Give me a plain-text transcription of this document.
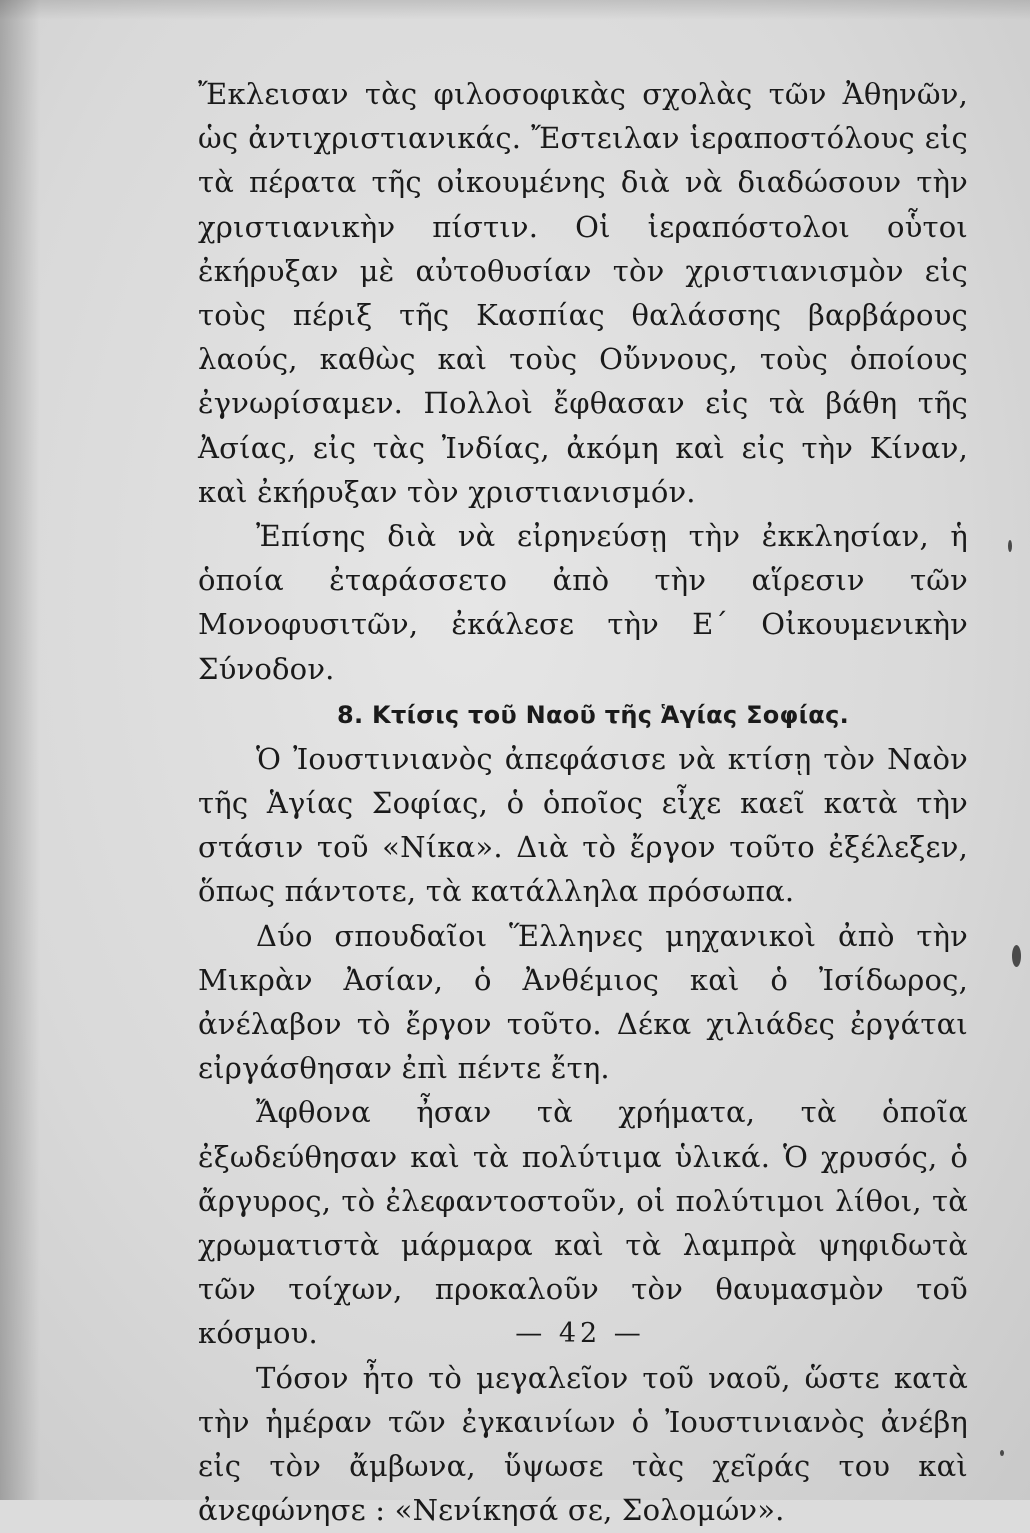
Ἔκλεισαν τὰς φιλοσοφικὰς σχολὰς τῶν Ἀθηνῶν, ὡς ἀντιχριστιανικάς. Ἔστειλαν ἱεραποστόλους εἰς τὰ πέρατα τῆς οἰκουμένης διὰ νὰ διαδώσουν τὴν χριστιανικὴν πίστιν. Οἱ ἱεραπόστολοι οὗτοι ἐκήρυξαν μὲ αὐτοθυσίαν τὸν χριστιανισμὸν εἰς τοὺς πέριξ τῆς Κασπίας θαλάσσης βαρβάρους λαούς, καθὼς καὶ τοὺς Οὔννους, τοὺς ὁποίους ἐγνωρίσαμεν. Πολλοὶ ἔφθασαν εἰς τὰ βάθη τῆς Ἀσίας, εἰς τὰς Ἰνδίας, ἀκόμη καὶ εἰς τὴν Κίναν, καὶ ἐκήρυξαν τὸν χριστιανισμόν.

Ἐπίσης διὰ νὰ εἰρηνεύσῃ τὴν ἐκκλησίαν, ἡ ὁποία ἐταράσσετο ἀπὸ τὴν αἵρεσιν τῶν Μονοφυσιτῶν, ἐκάλεσε τὴν Ε΄ Οἰκουμενικὴν Σύνοδον.

8. Κτίσις τοῦ Ναοῦ τῆς Ἁγίας Σοφίας.

Ὁ Ἰουστινιανὸς ἀπεφάσισε νὰ κτίσῃ τὸν Ναὸν τῆς Ἁγίας Σοφίας, ὁ ὁποῖος εἶχε καεῖ κατὰ τὴν στάσιν τοῦ «Νίκα». Διὰ τὸ ἔργον τοῦτο ἐξέλεξεν, ὅπως πάντοτε, τὰ κατάλληλα πρόσωπα.

Δύο σπουδαῖοι Ἕλληνες μηχανικοὶ ἀπὸ τὴν Μικρὰν Ἀσίαν, ὁ Ἀνθέμιος καὶ ὁ Ἰσίδωρος, ἀνέλαβον τὸ ἔργον τοῦτο. Δέκα χιλιάδες ἐργάται εἰργάσθησαν ἐπὶ πέντε ἔτη.

Ἄφθονα ἦσαν τὰ χρήματα, τὰ ὁποῖα ἐξωδεύθησαν καὶ τὰ πολύτιμα ὑλικά. Ὁ χρυσός, ὁ ἄργυρος, τὸ ἐλεφαντοστοῦν, οἱ πολύτιμοι λίθοι, τὰ χρωματιστὰ μάρμαρα καὶ τὰ λαμπρὰ ψηφιδωτὰ τῶν τοίχων, προκαλοῦν τὸν θαυμασμὸν τοῦ κόσμου.

Τόσον ἦτο τὸ μεγαλεῖον τοῦ ναοῦ, ὥστε κατὰ τὴν ἡμέραν τῶν ἐγκαινίων ὁ Ἰουστινιανὸς ἀνέβη εἰς τὸν ἄμβωνα, ὕψωσε τὰς χεῖράς του καὶ ἀνεφώνησε : «Νενίκησά σε, Σολομών».

— 42 —
